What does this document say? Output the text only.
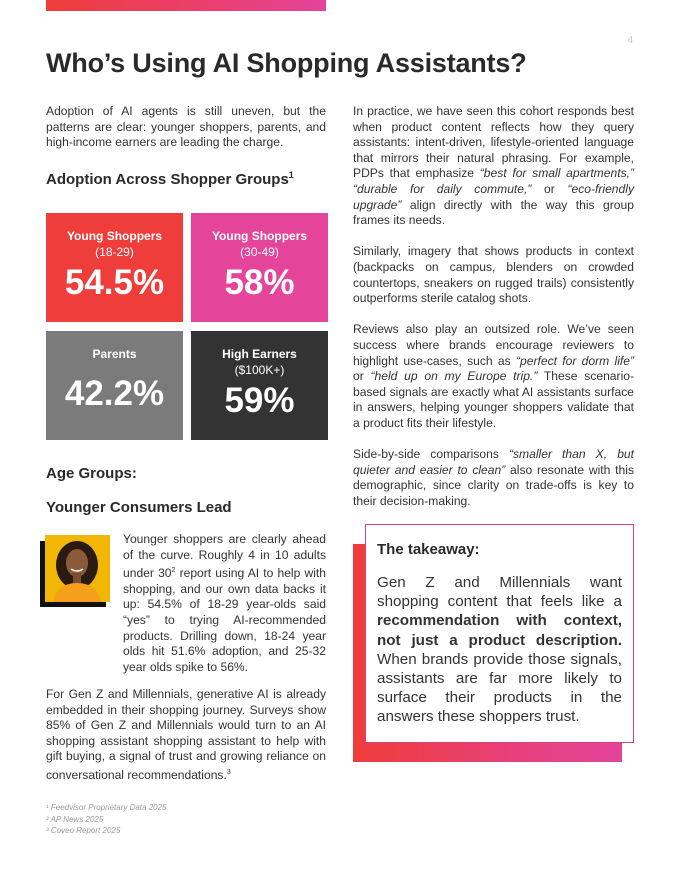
4
Who’s Using AI Shopping Assistants?

Adoption of AI agents is still uneven, but the patterns are clear: younger shoppers, parents, and high-income earners are leading the charge.

Adoption Across Shopper Groups$^1$
Young Shoppers
(18-29)
54.5%
Young Shoppers
(30-49)
58%
Parents
42.2%
High Earners
($100K+)
59%
Age Groups:
Younger Consumers Lead

Younger shoppers are clearly ahead of the curve. Roughly 4 in 10 adults under $30^2$ report using AI to help with shopping, and our own data backs it up: 54.5% of 18-29 year-olds said “yes” to trying AI-recommended products. Drilling down, 18-24 year olds hit 51.6% adoption, and 25-32 year olds spike to 56%.

For Gen Z and Millennials, generative AI is already embedded in their shopping journey. Surveys show 85% of Gen Z and Millennials would turn to an AI shopping assistant shopping assistant to help with gift buying, a signal of trust and growing reliance on conversational recommendations.$^3$

¹ Feedvisor Proprietary Data 2025
² AP News 2025
³ Coveo Report 2025

In practice, we have seen this cohort responds best when product content reflects how they query assistants: intent-driven, lifestyle-oriented language that mirrors their natural phrasing. For example, PDPs that emphasize “best for small apartments,” “durable for daily commute,” or “eco-friendly upgrade” align directly with the way this group frames its needs.

Similarly, imagery that shows products in context (backpacks on campus, blenders on crowded countertops, sneakers on rugged trails) consistently outperforms sterile catalog shots.

Reviews also play an outsized role. We’ve seen success where brands encourage reviewers to highlight use-cases, such as “perfect for dorm life” or “held up on my Europe trip.” These scenario-based signals are exactly what AI assistants surface in answers, helping younger shoppers validate that a product fits their lifestyle.

Side-by-side comparisons “smaller than X, but quieter and easier to clean” also resonate with this demographic, since clarity on trade-offs is key to their decision-making.

The takeaway:
Gen Z and Millennials want shopping content that feels like a recommendation with context, not just a product description. When brands provide those signals, assistants are far more likely to surface their products in the answers these shoppers trust.
